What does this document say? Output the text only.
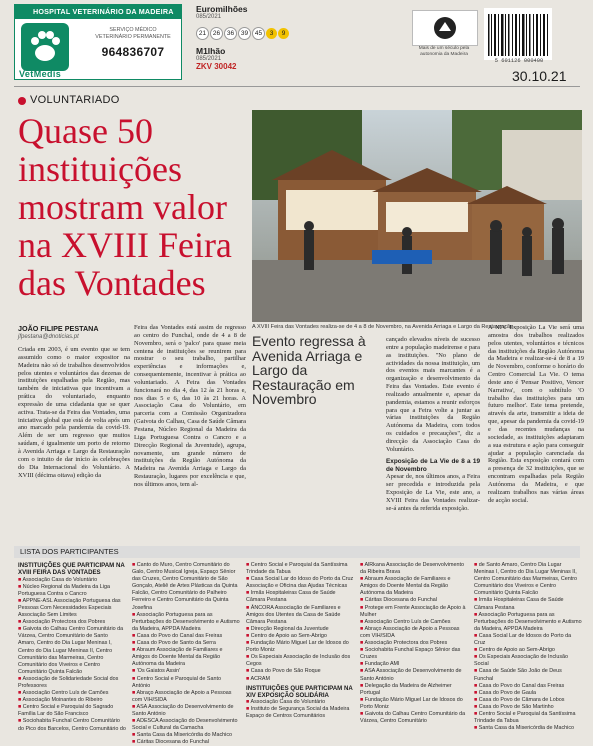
HOSPITAL VETERINÁRIO DA MADEIRA
VetMedis
SERVIÇO MÉDICO VETERINÁRIO PERMANENTE
964836707
Euromilhões
085/2021
21 26 36 39 45 3 9
M1lhão
085/2021
ZKV 30042
Mais de um século pela autonomia da Madeira
5 601126 000400
30.10.21
VOLUNTARIADO
Quase 50 instituições mostram valor na XVIII Feira das Vontades
A XVIII Feira das Vontades realiza-se de 4 a 8 de Novembro, na Avenida Arriaga e Largo da Restauração.
JOÃO FILIPE PESTANA
jfpestana@dnoticias.pt

Criada em 2003, é um evento que se tem assumido como o maior expositor na Madeira não só de trabalhos desenvolvidos pelos utentes e voluntários das dezenas de instituições espalhadas pela Região, mas também de iniciativas que incentivam a prática do voluntariado, enquanto expressão de uma cidadania que se quer activa. Trata-se da Feira das Vontades, uma iniciativa global que está de volta após um ano marcado pela pandemia da covid-19. Além de ser um regresso que muitos saúdam, é igualmente um porto de retorno à Avenida Arriaga e Largo da Restauração com o intuito de dar início às celebrações do Dia Internacional do Voluntário. A XVIII (décima oitava) edição da

Feira das Vontades está assim de regresso ao centro do Funchal, onde de 4 a 8 de Novembro, será o 'palco' para quase meia centena de instituições se reunirem para mostrar o seu trabalho, partilhar experiências e informações e, consequentemente, incentivar à prática ao voluntariado. A Feira das Vontades funcionará no dia 4, das 12 às 21 horas e, nos dias 5 e 6, das 10 às 21 horas. A Associação Casa do Voluntário, em parceria com a Comissão Organizadora (Gaivota do Calhau, Casa de Saúde Câmara Pestana, Núcleo Regional da Madeira da Liga Portuguesa Contra o Cancro e a Direcção Regional da Juventude), agrupa, novamente, um grande número de instituições da Região Autónoma da Madeira na Avenida Arriaga e Largo da Restauração, lugares por excelência e que, nos últimos anos, tem al-

Evento regressa à Avenida Arriaga e Largo da Restauração em Novembro

cançado elevados níveis de sucesso entre a população madeirense e para as instituições. "No plano de actividades da nossa instituição, um dos eventos mais marcantes é a organização e desenvolvimento da Feira das Vontades. Este evento é realizado anualmente e, apesar da pandemia, estamos a reunir esforços para que a Feira volte a juntar as várias instituições da Região Autónoma da Madeira, com todos os cuidados e precauções", diz a direcção da Associação Casa do Voluntário.

Exposição de La Vie de 8 a 19 de Novembro

Apesar de, nos últimos anos, a Feira ser precedida e introduzida pela Exposição de La Vie, este ano, a XVIII Feira das Vontades realizar-se-á antes da referida exposição.

A XIV Exposição La Vie será uma amostra dos trabalhos realizados pelos utentes, voluntários e técnicos das instituições da Região Autónoma da Madeira e realizar-se-á de 8 a 19 de Novembro, conforme o horário do Centro Comercial La Vie. O tema deste ano é 'Pensar Positivo, Vencer Narrativa', com o subtítulo 'O trabalho das instituições para um futuro melhor'. Este tema pretende, através da arte, transmitir a ideia de que, apesar da pandemia da covid-19 e das recentes mudanças na sociedade, as instituições adaptaram a sua estrutura e ação para conseguir ajudar a população carenciada da Região. Esta exposição contará com a presença de 32 instituições, que se encontram espalhadas pela Região Autónoma da Madeira, e que realizam trabalhos nas várias áreas de acção social.

LISTA DOS PARTICIPANTES
INSTITUIÇÕES QUE PARTICIPAM NA XVIII FEIRA DAS VONTADES
■ Associação Casa do Voluntário
■ Núcleo Regional da Madeira da Liga Portuguesa Contra o Cancro
■ APPNE-ASL Associação Portuguesa das Pessoas Com Necessidades Especiais Associação Sem Limites
■ Associação Protectora dos Pobres
■ Gaivota do Calhau Centro Comunitário da Várzea, Centro Comunitário de Santo Amaro, Centro do Dia Lugar Meninas I, Centro do Dia Lugar Meninas II, Centro Comunitário das Marmeiras, Centro Comunitário dos Viveiros e Centro Comunitário Quinta Falcão
■ Associação de Solidariedade Social dos Professores
■ Associação Centro Luís de Camões
■ Associação Moinantes do Ribeiro
■ Centro Social e Paroquial do Sagrado Família Lar do São Francisco
■ Sociohabita Funchal Centro Comunitário do Pico dos Barcelos, Centro Comunitário do
■ Canto do Muro, Centro Comunitário do Galo, Centro Musical Igreja, Espaço Sênior das Cruzes, Centro Comunitário de São Gonçalo, Ateliê de Artes Plásticas da Quinta Falcão, Centro Comunitário do Palheiro Ferreiro e Centro Comunitário da Quinta Josefina
■ Associação Portuguesa para as Perturbações do Desenvolvimento e Autismo da Madeira, APPDA Madeira
■ Casa do Povo do Canal das Freiras
■ Casa do Povo de Santo da Serra
■ Abraum Associação de Familiares e Amigos do Doente Mental da Região Autónoma da Madeira
■ 'Os Gaiatos Assin'
■ Centro Social e Paroquial de Santo António
■ Abraço Associação de Apoio a Pessoas com VIH/SIDA
■ ASA Associação do Desenvolvimento de Santo António
■ ADESCA Associação do Desenvolvimento Social e Cultural da Camacha
■ Santa Casa da Misericórdia do Machico
■ Cáritas Diocesana do Funchal
■ Centro Social e Paroquial da Santíssima Trindade da Tabua
■ Casa Social Lar do Idoso do Porto da Cruz Associação e Oficina das Ajudas Técnicas
■ Irmãs Hospitaleiras Casa de Saúde Câmara Pestana
■ ÂNCORA Associação de Familiares e Amigos dos Utentes da Casa de Saúde Câmara Pestana
■ Direcção Regional da Juventude
■ Centro de Apoio ao Sem-Abrigo
■ Fundação Mário Miguel Lar de Idosos do Porto Moniz
■ Os Especiais Associação de Inclusão dos Cegos
■ Casa do Povo de São Roque
■ ACRAM
INSTITUIÇÕES QUE PARTICIPAM NA XIV EXPOSIÇÃO SOLIDÁRIA
■ Associação Casa do Voluntário
■ Instituto de Segurança Social da Madeira Espaço de Centros Comunitários
■ AlRkana Associação de Desenvolvimento da Ribeira Brava
■ Abraum Associação de Familiares e Amigos do Doente Mental da Região Autónoma da Madeira
■ Cáritas Diocesana do Funchal
■ Protege em Frente Associação de Apoio à Mulher
■ Associação Centro Luís de Camões
■ Abraço Associação de Apoio a Pessoas com VIH/SIDA
■ Associação Protectora dos Pobres
■ Sociohabita Funchal Espaço Sênior das Cruzes
■ Fundação AMI
■ ASA Associação de Desenvolvimento de Santo António
■ Delegação da Madeira de Alzheimer Portugal
■ Fundação Mário Miguel Lar de Idosos do Porto Moniz
■ Gaivota do Calhau Centro Comunitário da Várzea, Centro Comunitário
■ de Santo Amaro, Centro Dia Lugar Meninas I, Centro do Dia Lugar Meninas II, Centro Comunitário das Marmeiras, Centro Comunitário dos Viveiros e Centro Comunitário Quinta Falcão
■ Irmãs Hospitaleiras Casa de Saúde Câmara Pestana
■ Associação Portuguesa para as Perturbações do Desenvolvimento e Autismo da Madeira, APPDA Madeira
■ Casa Social Lar de Idosos do Porto da Cruz
■ Centro de Apoio ao Sem-Abrigo
■ Os Especiais Associação de Inclusão Social
■ Casa de Saúde São João de Deus Funchal
■ Casa do Povo do Canal das Freiras
■ Casa do Povo de Gaula
■ Casa do Povo de Câmara de Lobos
■ Casa do Povo de São Martinho
■ Centro Social e Paroquial da Santíssima Trindade da Tabua
■ Santa Casa da Misericórdia de Machico
